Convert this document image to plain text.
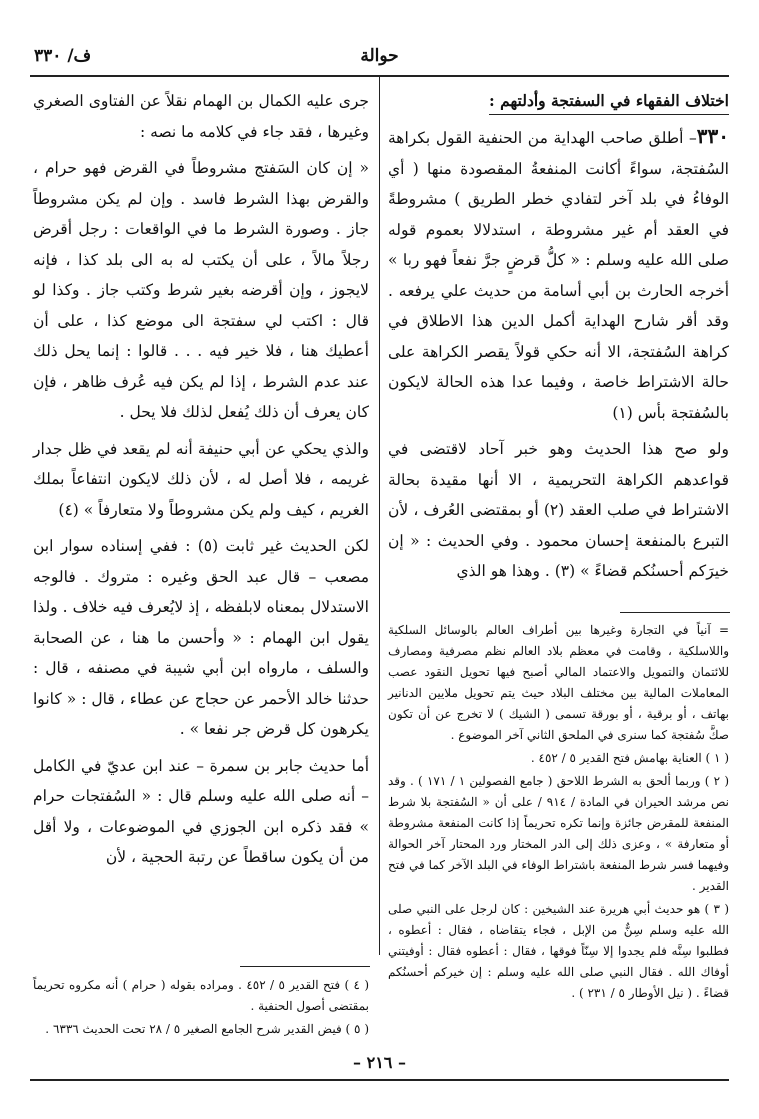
ف/ ٣٣٠	حوالة
اختلاف الفقهاء في السفتجة وأدلتهم :

٣٣٠– أطلق صاحب الهداية من الحنفية القول بكراهة السُفتجة، سواءً أكانت المنفعةُ المقصودة منها ( أي الوفاءُ في بلد آخر لتفادي خطر الطريق ) مشروطةً في العقد أم غير مشروطة ، استدلالا بعموم قوله صلى الله عليه وسلم : « كلُّ قرضٍ جرَّ نفعاً فهو ربا » أخرجه الحارث بن أبي أسامة من حديث علي يرفعه . وقد أقر شارح الهداية أكمل الدين هذا الاطلاق في كراهة السُفتجة، الا أنه حكي قولاً يقصر الكراهة على حالة الاشتراط خاصة ، وفيما عدا هذه الحالة لايكون بالسُفتجة بأس (١)

ولو صح هذا الحديث وهو خبر آحاد لاقتضى في قواعدهم الكراهة التحريمية ، الا أنها مقيدة بحالة الاشتراط في صلب العقد (٢) أو بمقتضى العُرف ، لأن التبرع بالمنفعة إحسان محمود . وفي الحديث : « إن خيرَكم أحسنُكم قضاءً » (٣) . وهذا هو الذي

= آنياً في التجارة وغيرها بين أطراف العالم بالوسائل السلكية واللاسلكية ، وقامت في معظم بلاد العالم نظم مصرفية ومصارف للائتمان والتمويل والاعتماد المالي أصبح فيها تحويل النقود عصب المعاملات المالية بين مختلف البلاد حيث يتم تحويل ملايين الدنانير بهاتف ، أو برقية ، أو بورقة تسمى ( الشيك ) لا تخرج عن أن تكون صكَّ سُفتجة كما سنرى في الملحق الثاني آخر الموضوع .

( ١ ) العناية بهامش فتح القدير ٥ / ٤٥٢ .

( ٢ ) وربما ألحق به الشرط اللاحق ( جامع الفصولين ١ / ١٧١ ) . وقد نص مرشد الحيران في المادة / ٩١٤ / على أن « السُفتجة بلا شرط المنفعة للمقرض جائزة وإنما تكره تحريماً إذا كانت المنفعة مشروطة أو متعارفة » ، وعزى ذلك إلى الدر المختار ورد المحتار آخر الحوالة وفيهما فسر شرط المنفعة باشتراط الوفاء في البلد الآخر كما في فتح القدير .

( ٣ ) هو حديث أبي هريرة عند الشيخين : كان لرجل على النبي صلى الله عليه وسلم سِنٌّ من الإبل ، فجاء يتقاضاه ، فقال : أعطوه ، فطلبوا سِنَّه فلم يجدوا إلا سِنّاً فوقها ، فقال : أعطوه فقال : أوفيتني أوفاك الله . فقال النبي صلى الله عليه وسلم : إن خيركم أحسنُكم قضاءً . ( نيل الأوطار ٥ / ٢٣١ ) .

جرى عليه الكمال بن الهمام نقلاً عن الفتاوى الصغري وغيرها ، فقد جاء في كلامه ما نصه :

« إن كان السَفتج مشروطاً في القرض فهو حرام ، والقرض بهذا الشرط فاسد . وإن لم يكن مشروطاً جاز . وصورة الشرط ما في الواقعات : رجل أقرض رجلاً مالاً ، على أن يكتب له به الى بلد كذا ، فإنه لايجوز ، وإن أقرضه بغير شرط وكتب جاز . وكذا لو قال : اكتب لي سفتجة الى موضع كذا ، على أن أعطيك هنا ، فلا خير فيه . . . قالوا : إنما يحل ذلك عند عدم الشرط ، إذا لم يكن فيه عُرف ظاهر ، فإن كان يعرف أن ذلك يُفعل لذلك فلا يحل .

والذي يحكي عن أبي حنيفة أنه لم يقعد في ظل جدار غريمه ، فلا أصل له ، لأن ذلك لايكون انتفاعاً بملك الغريم ، كيف ولم يكن مشروطاً ولا متعارفاً » (٤)

لكن الحديث غير ثابت (٥) : ففي إسناده سوار ابن مصعب – قال عبد الحق وغيره : متروك . فالوجه الاستدلال بمعناه لابلفظه ، إذ لايُعرف فيه خلاف . ولذا يقول ابن الهمام : « وأحسن ما هنا ، عن الصحابة والسلف ، مارواه ابن أبي شيبة في مصنفه ، قال : حدثنا خالد الأحمر عن حجاج عن عطاء ، قال : « كانوا يكرهون كل قرض جر نفعا » .

أما حديث جابر بن سمرة – عند ابن عديّ في الكامل – أنه صلى الله عليه وسلم قال : « السُفتجات حرام » فقد ذكره ابن الجوزي في الموضوعات ، ولا أقل من أن يكون ساقطاً عن رتبة الحجية ، لأن

( ٤ ) فتح القدير ٥ / ٤٥٢ . ومراده بقوله ( حرام ) أنه مكروه تحريماً بمقتضى أصول الحنفية .

( ٥ ) فيض القدير شرح الجامع الصغير ٥ / ٢٨ تحت الحديث ٦٣٣٦ .

– ٢١٦ –
